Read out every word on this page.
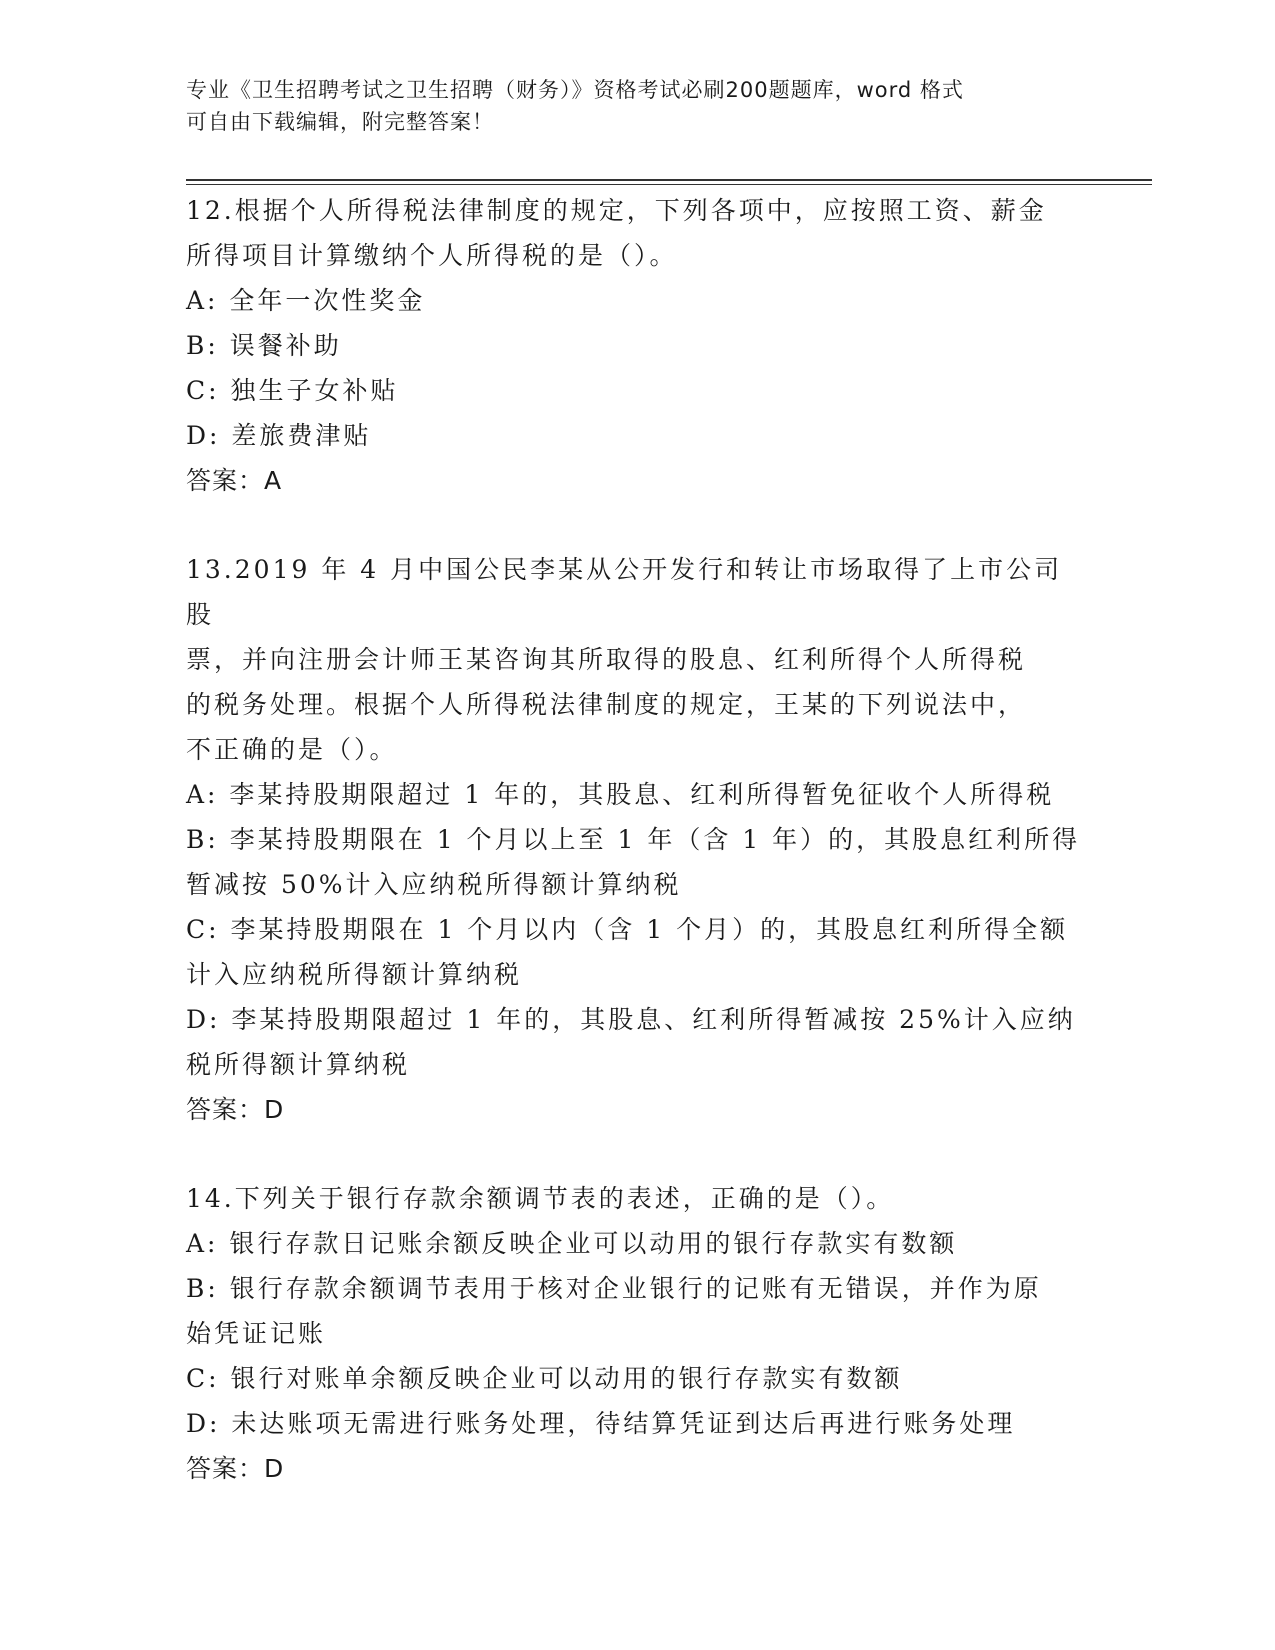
专业《卫生招聘考试之卫生招聘（财务）》资格考试必刷200题题库，word 格式
可自由下载编辑，附完整答案！

12.根据个人所得税法律制度的规定，下列各项中，应按照工资、薪金

所得项目计算缴纳个人所得税的是（）。

A: 全年一次性奖金

B: 误餐补助

C: 独生子女补贴

D: 差旅费津贴

答案：A

13.2019 年 4 月中国公民李某从公开发行和转让市场取得了上市公司股

票，并向注册会计师王某咨询其所取得的股息、红利所得个人所得税

的税务处理。根据个人所得税法律制度的规定，王某的下列说法中，

不正确的是（）。

A: 李某持股期限超过 1 年的，其股息、红利所得暂免征收个人所得税

B: 李某持股期限在 1 个月以上至 1 年（含 1 年）的，其股息红利所得

暂减按 50%计入应纳税所得额计算纳税

C: 李某持股期限在 1 个月以内（含 1 个月）的，其股息红利所得全额

计入应纳税所得额计算纳税

D: 李某持股期限超过 1 年的，其股息、红利所得暂减按 25%计入应纳

税所得额计算纳税

答案：D

14.下列关于银行存款余额调节表的表述，正确的是（）。

A: 银行存款日记账余额反映企业可以动用的银行存款实有数额

B: 银行存款余额调节表用于核对企业银行的记账有无错误，并作为原

始凭证记账

C: 银行对账单余额反映企业可以动用的银行存款实有数额

D: 未达账项无需进行账务处理，待结算凭证到达后再进行账务处理

答案：D
